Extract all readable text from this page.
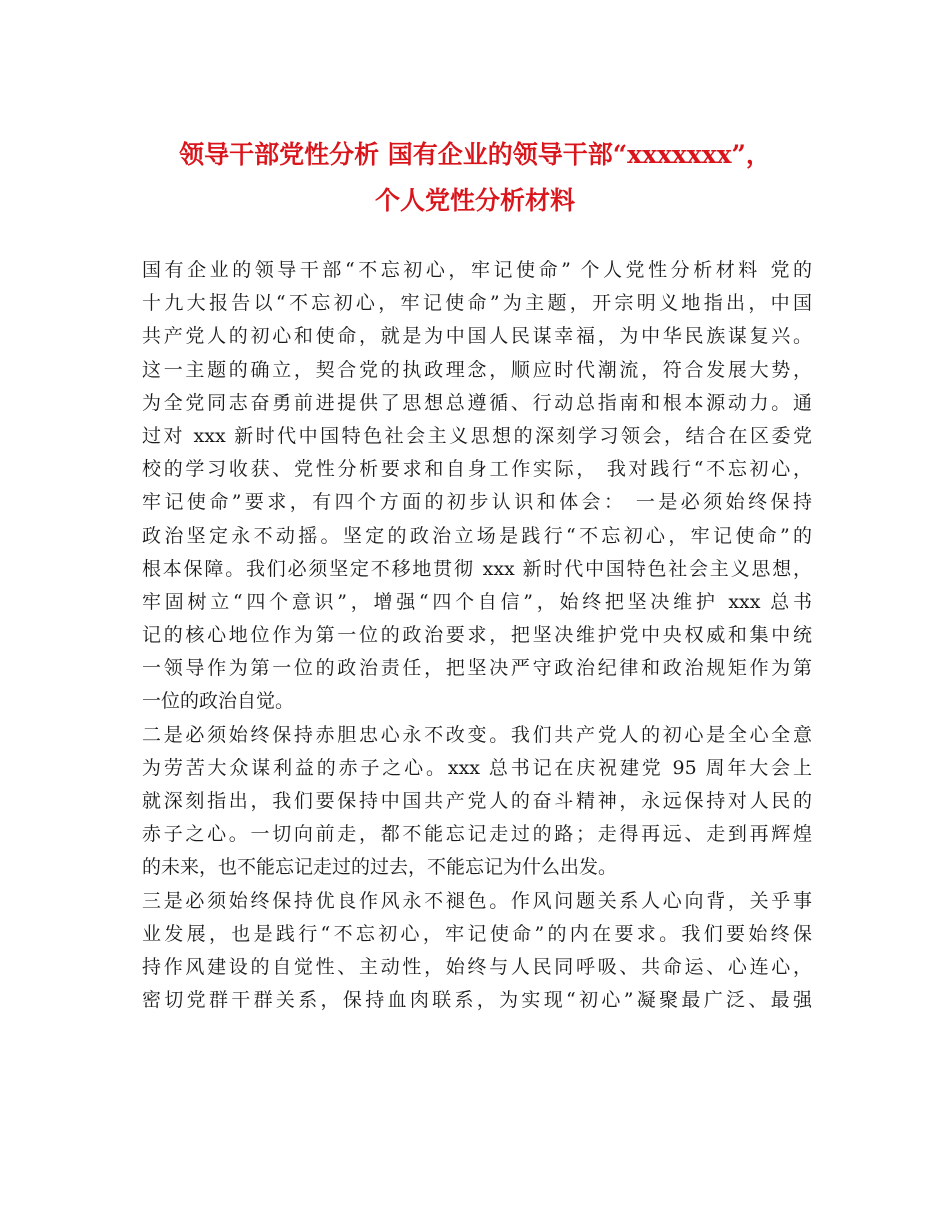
领导干部党性分析 国有企业的领导干部“xxxxxxx”，
个人党性分析材料
国有企业的领导干部“不忘初心，牢记使命” 个人党性分析材料 党的
十九大报告以“不忘初心，牢记使命”为主题，开宗明义地指出，中国
共产党人的初心和使命，就是为中国人民谋幸福，为中华民族谋复兴。
这一主题的确立，契合党的执政理念，顺应时代潮流，符合发展大势，
为全党同志奋勇前进提供了思想总遵循、行动总指南和根本源动力。通
过对 xxx 新时代中国特色社会主义思想的深刻学习领会，结合在区委党
校的学习收获、党性分析要求和自身工作实际， 我对践行“不忘初心，
牢记使命”要求，有四个方面的初步认识和体会： 一是必须始终保持
政治坚定永不动摇。坚定的政治立场是践行“不忘初心，牢记使命”的
根本保障。我们必须坚定不移地贯彻 xxx 新时代中国特色社会主义思想，
牢固树立“四个意识”，增强“四个自信”，始终把坚决维护 xxx 总书
记的核心地位作为第一位的政治要求，把坚决维护党中央权威和集中统
一领导作为第一位的政治责任，把坚决严守政治纪律和政治规矩作为第
一位的政治自觉。
二是必须始终保持赤胆忠心永不改变。我们共产党人的初心是全心全意
为劳苦大众谋利益的赤子之心。xxx 总书记在庆祝建党 95 周年大会上
就深刻指出，我们要保持中国共产党人的奋斗精神，永远保持对人民的
赤子之心。一切向前走，都不能忘记走过的路；走得再远、走到再辉煌
的未来，也不能忘记走过的过去，不能忘记为什么出发。
三是必须始终保持优良作风永不褪色。作风问题关系人心向背，关乎事
业发展，也是践行“不忘初心，牢记使命”的内在要求。我们要始终保
持作风建设的自觉性、主动性，始终与人民同呼吸、共命运、心连心，
密切党群干群关系，保持血肉联系，为实现“初心”凝聚最广泛、最强
